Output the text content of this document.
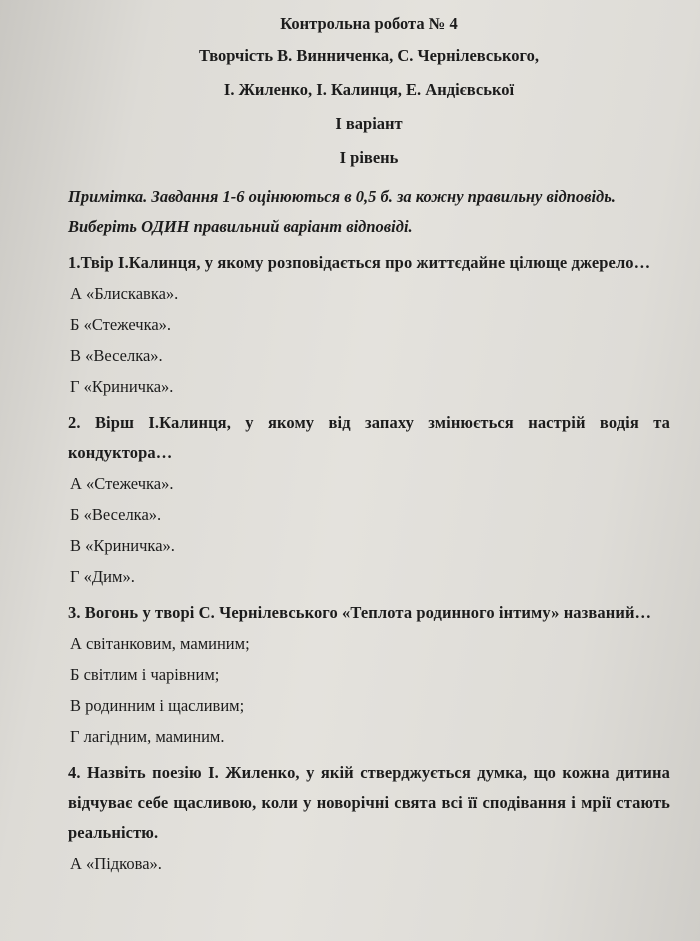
Контрольна робота № 4
Творчість В. Винниченка, С. Чернілевського,
І. Жиленко, І. Калинця, Е. Андієвської
І варіант
І рівень
Примітка. Завдання 1-6 оцінюються в 0,5 б. за кожну правильну відповідь.
Виберіть ОДИН правильний варіант відповіді.
1.Твір І.Калинця, у якому розповідається про життєдайне цілюще джерело…
А «Блискавка».
Б «Стежечка».
В «Веселка».
Г «Криничка».
2. Вірш І.Калинця, у якому від запаху змінюється настрій водія та кондуктора…
А «Стежечка».
Б «Веселка».
В «Криничка».
Г «Дим».
3. Вогонь у творі С. Чернілевського «Теплота родинного інтиму» названий…
А світанковим, маминим;
Б світлим і чарівним;
В родинним і щасливим;
Г лагідним, маминим.
4. Назвіть поезію І. Жиленко, у якій стверджується думка, що кожна дитина відчуває себе щасливою, коли у новорічні свята всі її сподівання і мрії стають реальністю.
А «Підкова».
